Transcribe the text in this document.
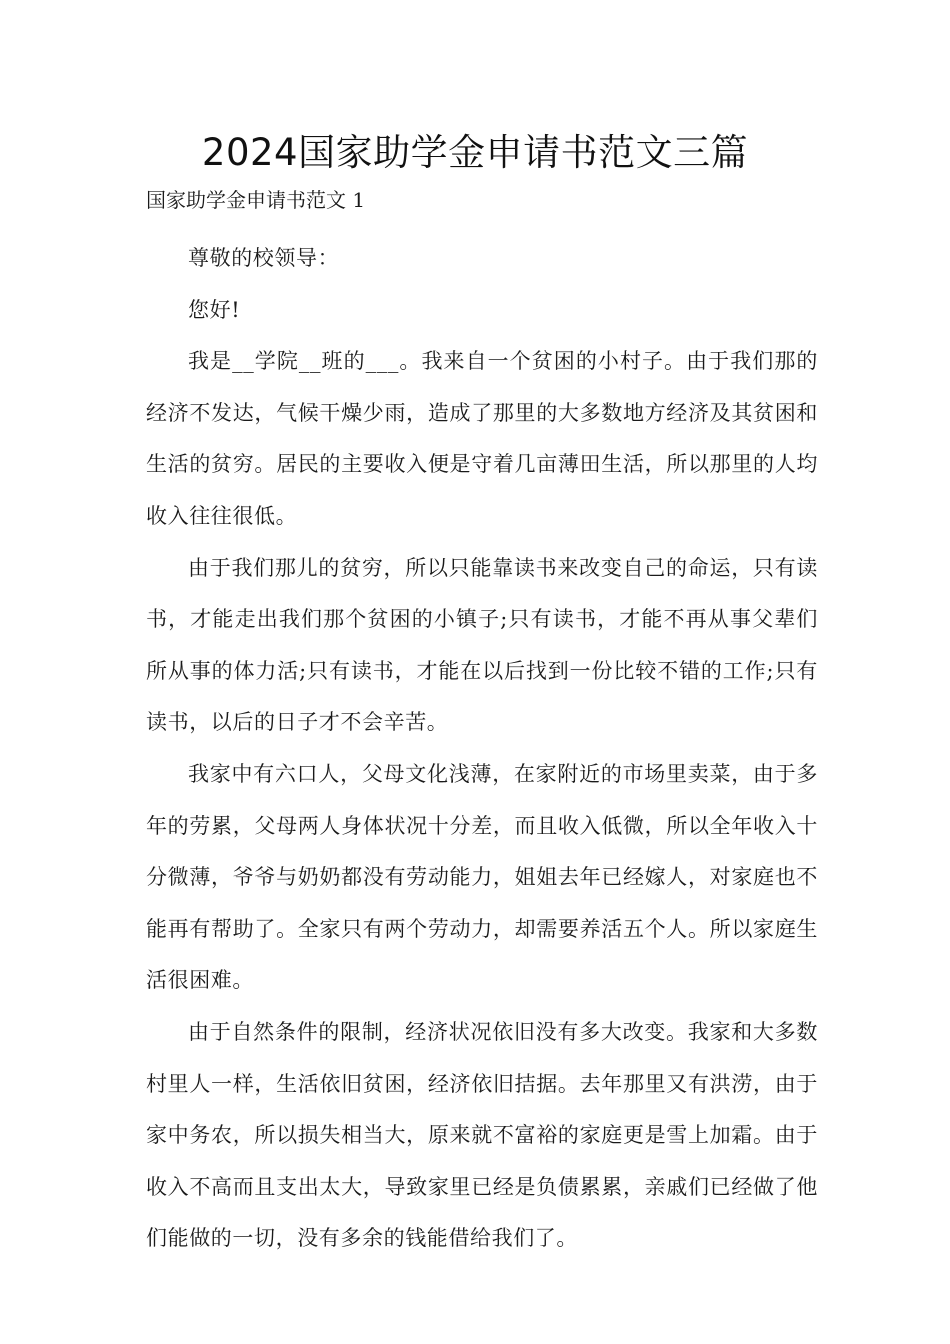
2024国家助学金申请书范文三篇
国家助学金申请书范文 1

尊敬的校领导：

您好!

我是__学院__班的___。我来自一个贫困的小村子。由于我们那的经济不发达，气候干燥少雨，造成了那里的大多数地方经济及其贫困和生活的贫穷。居民的主要收入便是守着几亩薄田生活，所以那里的人均收入往往很低。

由于我们那儿的贫穷，所以只能靠读书来改变自己的命运，只有读书，才能走出我们那个贫困的小镇子;只有读书，才能不再从事父辈们所从事的体力活;只有读书，才能在以后找到一份比较不错的工作;只有读书，以后的日子才不会辛苦。

我家中有六口人，父母文化浅薄，在家附近的市场里卖菜，由于多年的劳累，父母两人身体状况十分差，而且收入低微，所以全年收入十分微薄，爷爷与奶奶都没有劳动能力，姐姐去年已经嫁人，对家庭也不能再有帮助了。全家只有两个劳动力，却需要养活五个人。所以家庭生活很困难。

由于自然条件的限制，经济状况依旧没有多大改变。我家和大多数村里人一样，生活依旧贫困，经济依旧拮据。去年那里又有洪涝，由于家中务农，所以损失相当大，原来就不富裕的家庭更是雪上加霜。由于收入不高而且支出太大，导致家里已经是负债累累，亲戚们已经做了他们能做的一切，没有多余的钱能借给我们了。
